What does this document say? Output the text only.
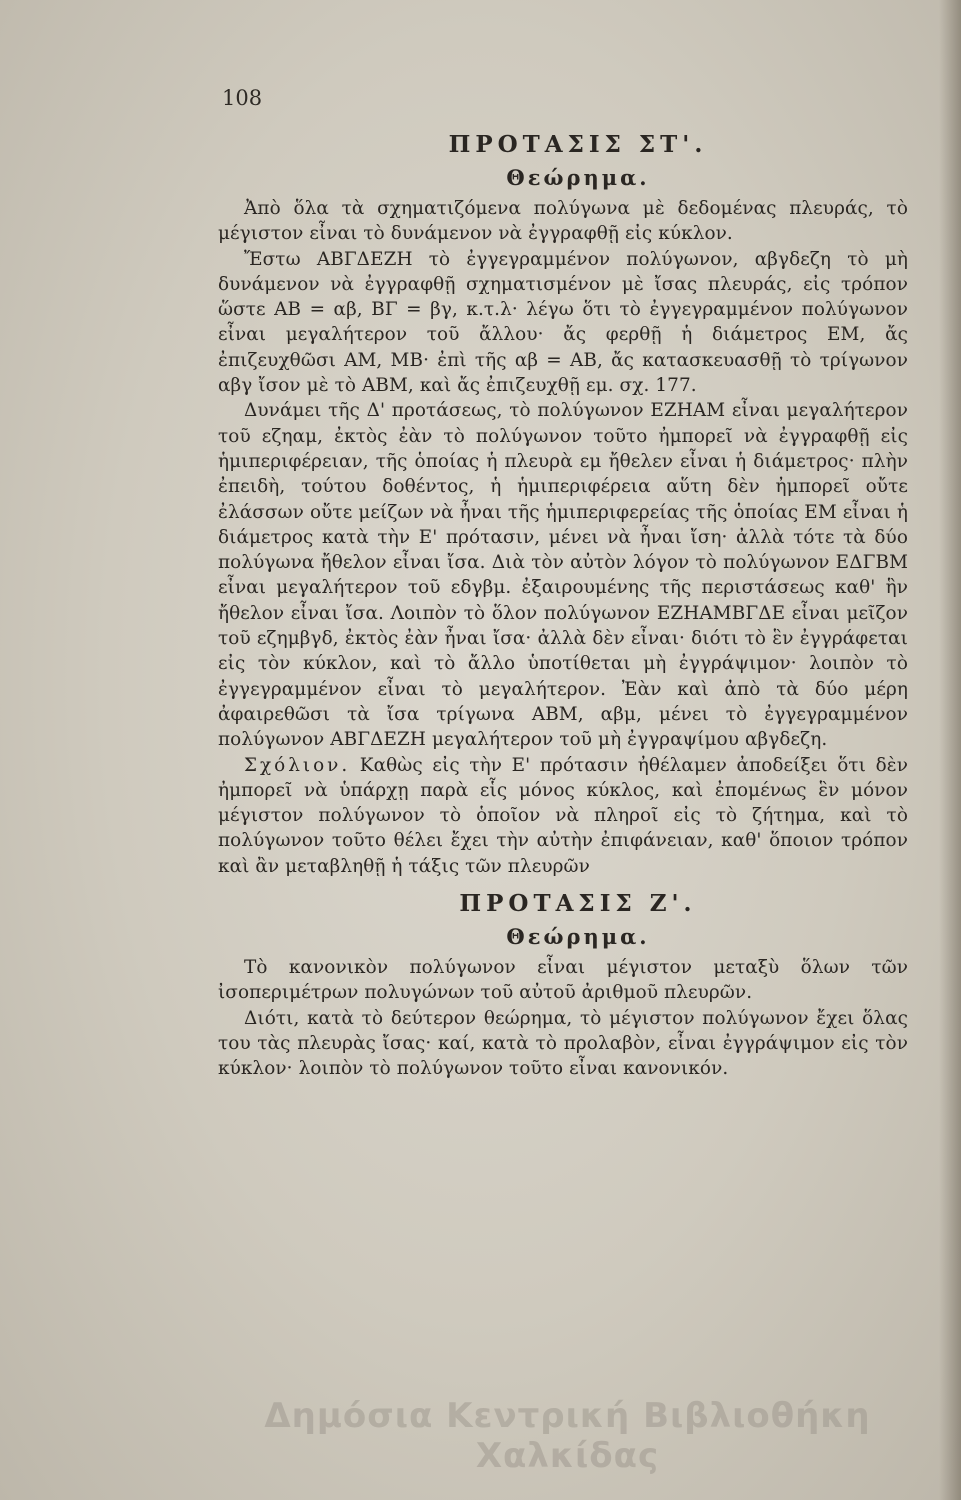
108
ΠΡΟΤΑΣΙΣ ΣΤ'.
Θεώρημα.

Ἀπὸ ὅλα τὰ σχηματιζόμενα πολύγωνα μὲ δεδομένας πλευράς, τὸ μέγιστον εἶναι τὸ δυνάμενον νὰ ἐγγραφθῇ εἰς κύκλον.

Ἔστω ΑΒΓΔΕΖΗ τὸ ἐγγεγραμμένον πολύγωνον, αβγδεζη τὸ μὴ δυνάμενον νὰ ἐγγραφθῇ σχηματισμένον μὲ ἴσας πλευράς, εἰς τρόπον ὥστε ΑΒ = αβ, ΒΓ = βγ, κ.τ.λ· λέγω ὅτι τὸ ἐγγεγραμμένον πολύγωνον εἶναι μεγαλήτερον τοῦ ἄλλου· ἄς φερθῇ ἡ διάμετρος ΕΜ, ἄς ἐπιζευχθῶσι ΑΜ, ΜΒ· ἐπὶ τῆς αβ = ΑΒ, ἄς κατασκευασθῇ τὸ τρίγωνον αβγ ἴσον μὲ τὸ ΑΒΜ, καὶ ἄς ἐπιζευχθῇ εμ. σχ. 177.

Δυνάμει τῆς Δ' προτάσεως, τὸ πολύγωνον ΕΖΗΑΜ εἶναι μεγαλήτερον τοῦ εζηαμ, ἐκτὸς ἐὰν τὸ πολύγωνον τοῦτο ἠμπορεῖ νὰ ἐγγραφθῇ εἰς ἡμιπεριφέρειαν, τῆς ὁποίας ἡ πλευρὰ εμ ἤθελεν εἶναι ἡ διάμετρος· πλὴν ἐπειδὴ, τούτου δοθέντος, ἡ ἡμιπεριφέρεια αὕτη δὲν ἠμπορεῖ οὔτε ἐλάσσων οὔτε μείζων νὰ ἦναι τῆς ἡμιπεριφερείας τῆς ὁποίας ΕΜ εἶναι ἡ διάμετρος κατὰ τὴν Ε' πρότασιν, μένει νὰ ἦναι ἴση· ἀλλὰ τότε τὰ δύο πολύγωνα ἤθελον εἶναι ἴσα. Διὰ τὸν αὐτὸν λόγον τὸ πολύγωνον ΕΔΓΒΜ εἶναι μεγαλήτερον τοῦ εδγβμ. ἐξαιρουμένης τῆς περιστάσεως καθ' ἣν ἤθελον εἶναι ἴσα. Λοιπὸν τὸ ὅλον πολύγωνον ΕΖΗΑΜΒΓΔΕ εἶναι μεῖζον τοῦ εζημβγδ, ἐκτὸς ἐὰν ἦναι ἴσα· ἀλλὰ δὲν εἶναι· διότι τὸ ἓν ἐγγράφεται εἰς τὸν κύκλον, καὶ τὸ ἄλλο ὑποτίθεται μὴ ἐγγράψιμον· λοιπὸν τὸ ἐγγεγραμμένον εἶναι τὸ μεγαλήτερον. Ἐὰν καὶ ἀπὸ τὰ δύο μέρη ἀφαιρεθῶσι τὰ ἴσα τρίγωνα ΑΒΜ, αβμ, μένει τὸ ἐγγεγραμμένον πολύγωνον ΑΒΓΔΕΖΗ μεγαλήτερον τοῦ μὴ ἐγγραψίμου αβγδεζη.

Σχόλιον. Καθὼς εἰς τὴν Ε' πρότασιν ἠθέλαμεν ἀποδείξει ὅτι δὲν ἠμπορεῖ νὰ ὑπάρχῃ παρὰ εἷς μόνος κύκλος, καὶ ἐπομένως ἓν μόνον μέγιστον πολύγωνον τὸ ὁποῖον νὰ πληροῖ εἰς τὸ ζήτημα, καὶ τὸ πολύγωνον τοῦτο θέλει ἔχει τὴν αὐτὴν ἐπιφάνειαν, καθ' ὅποιον τρόπον καὶ ἂν μεταβληθῇ ἡ τάξις τῶν πλευρῶν

ΠΡΟΤΑΣΙΣ Ζ'.
Θεώρημα.

Τὸ κανονικὸν πολύγωνον εἶναι μέγιστον μεταξὺ ὅλων τῶν ἰσοπεριμέτρων πολυγώνων τοῦ αὐτοῦ ἀριθμοῦ πλευρῶν.

Διότι, κατὰ τὸ δεύτερον θεώρημα, τὸ μέγιστον πολύγωνον ἔχει ὅλας του τὰς πλευρὰς ἴσας· καί, κατὰ τὸ προλαβὸν, εἶναι ἐγγράψιμον εἰς τὸν κύκλον· λοιπὸν τὸ πολύγωνον τοῦτο εἶναι κανονικόν.

Δημόσια Κεντρική Βιβλιοθήκη Χαλκίδας
